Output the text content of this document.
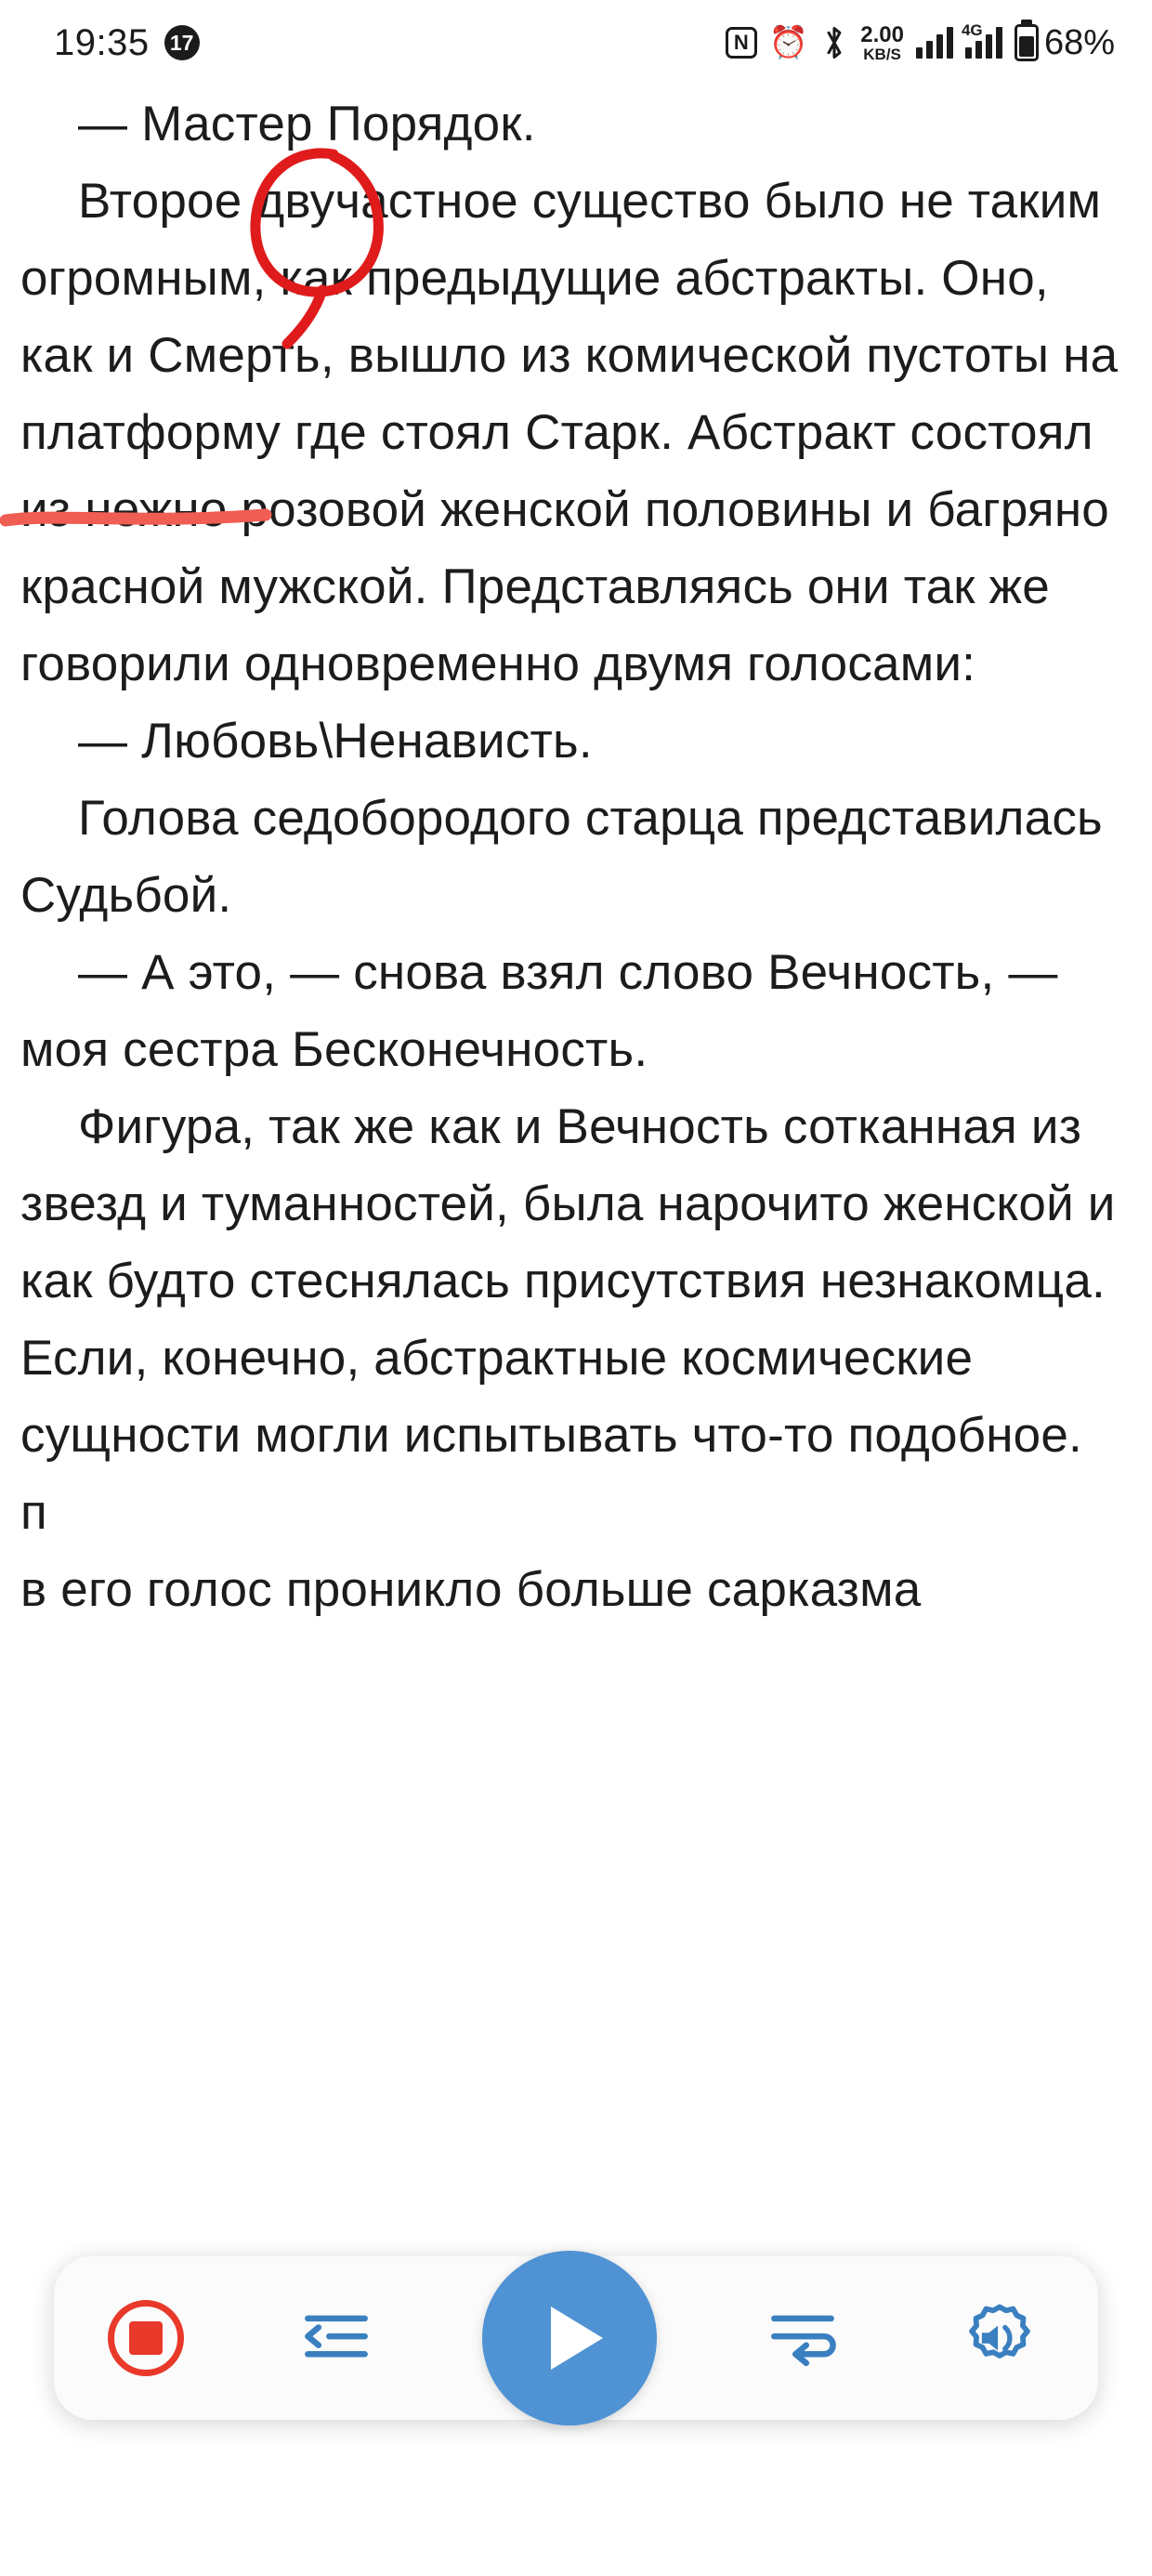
19:35 17	N ⏰ 2.00
KB/S
4G 68%

— Мастер Порядок.

Второе двучастное существо было не таким огромным, как предыдущие абстракты. Оно, как и Смерть, вышло из комической пустоты на платформу где стоял Старк. Абстракт состоял из нежно розовой женской половины и багряно красной мужской. Представляясь они так же говорили одновременно двумя голосами:

— Любовь\Ненависть.

Голова седобородого старца представилась Судьбой.

— А это, — снова взял слово Вечность, — моя сестра Бесконечность.

Фигура, так же как и Вечность сотканная из звезд и туманностей, была нарочито женской и как будто стеснялась присутствия незнакомца. Если, конечно, абстрактные космические сущности могли испытывать что-то подобное.

п

в его голос проникло больше сарказма
